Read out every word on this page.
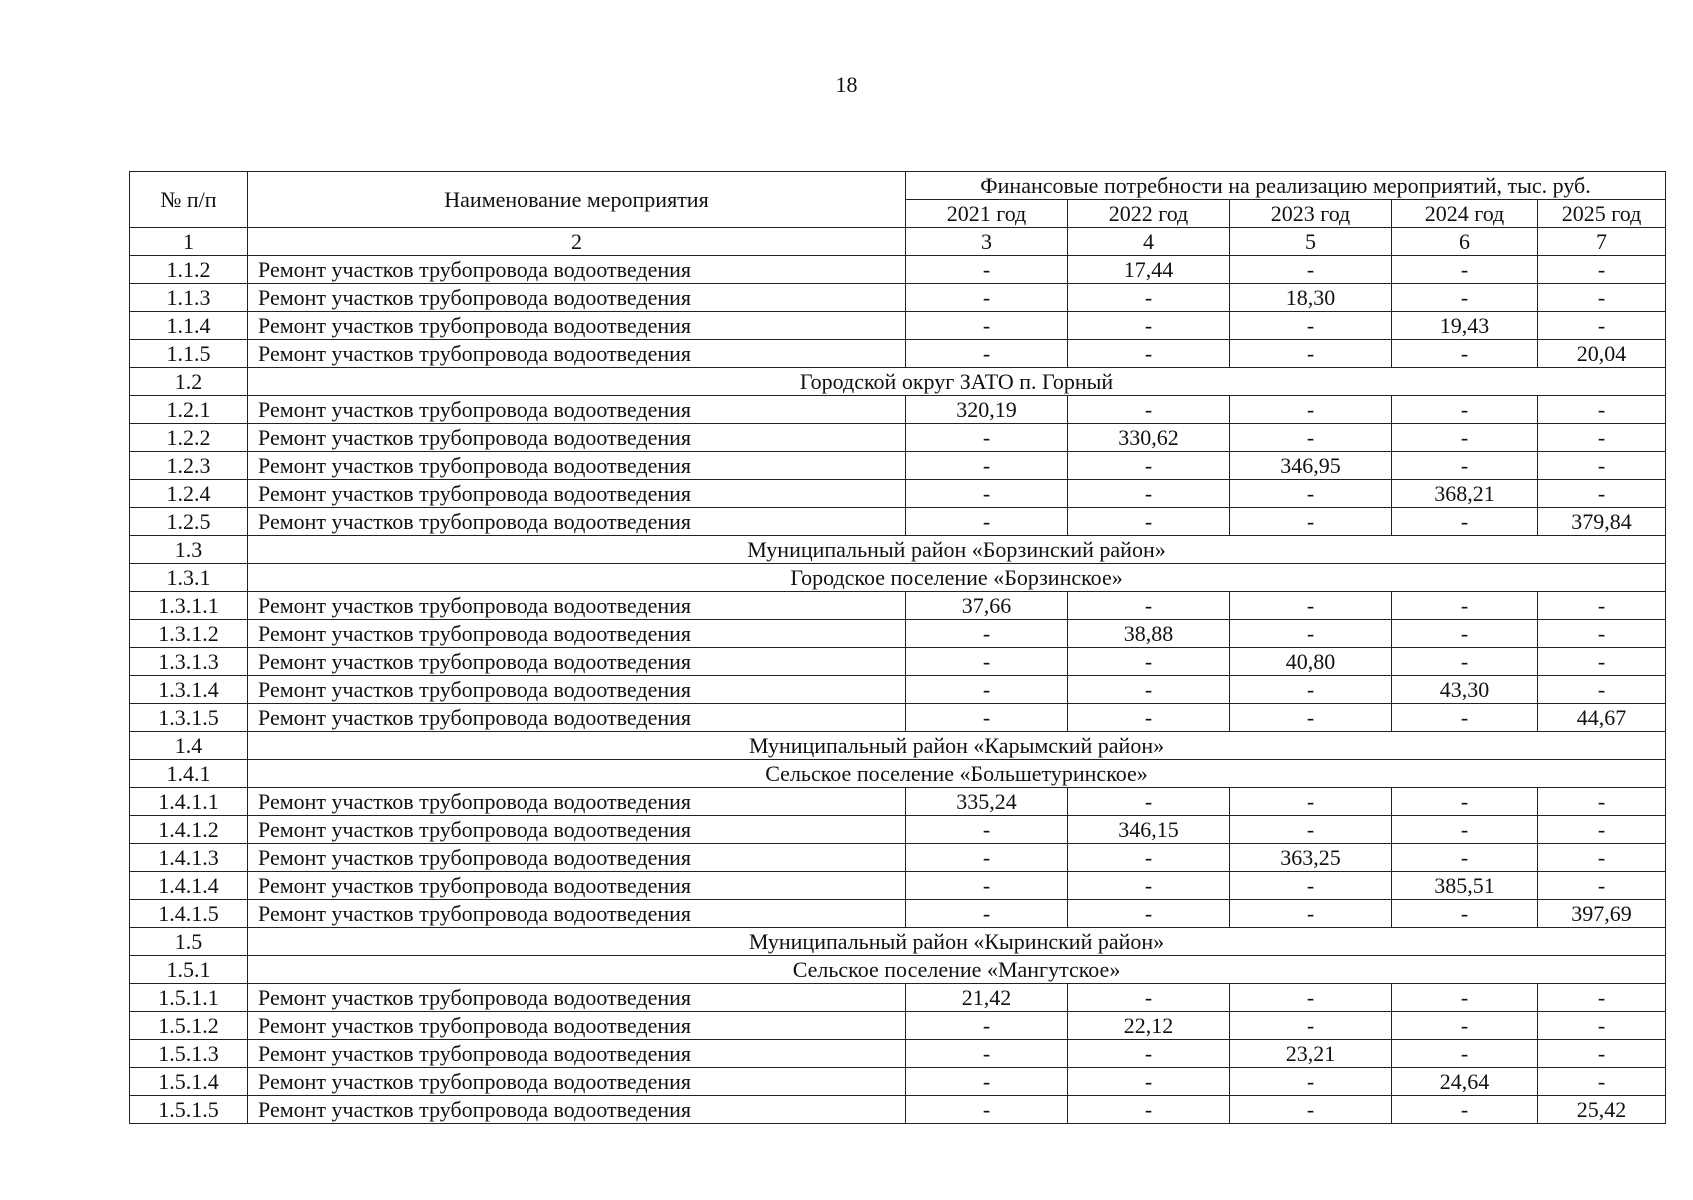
18
№ п/п	Наименование мероприятия	Финансовые потребности на реализацию мероприятий, тыс. руб.				
		2021 год	2022 год	2023 год	2024 год	2025 год
1	2	3	4	5	6	7
1.1.2	Ремонт участков трубопровода водоотведения	-	17,44	-	-	-
1.1.3	Ремонт участков трубопровода водоотведения	-	-	18,30	-	-
1.1.4	Ремонт участков трубопровода водоотведения	-	-	-	19,43	-
1.1.5	Ремонт участков трубопровода водоотведения	-	-	-	-	20,04
1.2	Городской округ ЗАТО п. Горный					
1.2.1	Ремонт участков трубопровода водоотведения	320,19	-	-	-	-
1.2.2	Ремонт участков трубопровода водоотведения	-	330,62	-	-	-
1.2.3	Ремонт участков трубопровода водоотведения	-	-	346,95	-	-
1.2.4	Ремонт участков трубопровода водоотведения	-	-	-	368,21	-
1.2.5	Ремонт участков трубопровода водоотведения	-	-	-	-	379,84
1.3	Муниципальный район «Борзинский район»					
1.3.1	Городское поселение «Борзинское»					
1.3.1.1	Ремонт участков трубопровода водоотведения	37,66	-	-	-	-
1.3.1.2	Ремонт участков трубопровода водоотведения	-	38,88	-	-	-
1.3.1.3	Ремонт участков трубопровода водоотведения	-	-	40,80	-	-
1.3.1.4	Ремонт участков трубопровода водоотведения	-	-	-	43,30	-
1.3.1.5	Ремонт участков трубопровода водоотведения	-	-	-	-	44,67
1.4	Муниципальный район «Карымский район»					
1.4.1	Сельское поселение «Большетуринское»					
1.4.1.1	Ремонт участков трубопровода водоотведения	335,24	-	-	-	-
1.4.1.2	Ремонт участков трубопровода водоотведения	-	346,15	-	-	-
1.4.1.3	Ремонт участков трубопровода водоотведения	-	-	363,25	-	-
1.4.1.4	Ремонт участков трубопровода водоотведения	-	-	-	385,51	-
1.4.1.5	Ремонт участков трубопровода водоотведения	-	-	-	-	397,69
1.5	Муниципальный район «Кыринский район»					
1.5.1	Сельское поселение «Мангутское»					
1.5.1.1	Ремонт участков трубопровода водоотведения	21,42	-	-	-	-
1.5.1.2	Ремонт участков трубопровода водоотведения	-	22,12	-	-	-
1.5.1.3	Ремонт участков трубопровода водоотведения	-	-	23,21	-	-
1.5.1.4	Ремонт участков трубопровода водоотведения	-	-	-	24,64	-
1.5.1.5	Ремонт участков трубопровода водоотведения	-	-	-	-	25,42
